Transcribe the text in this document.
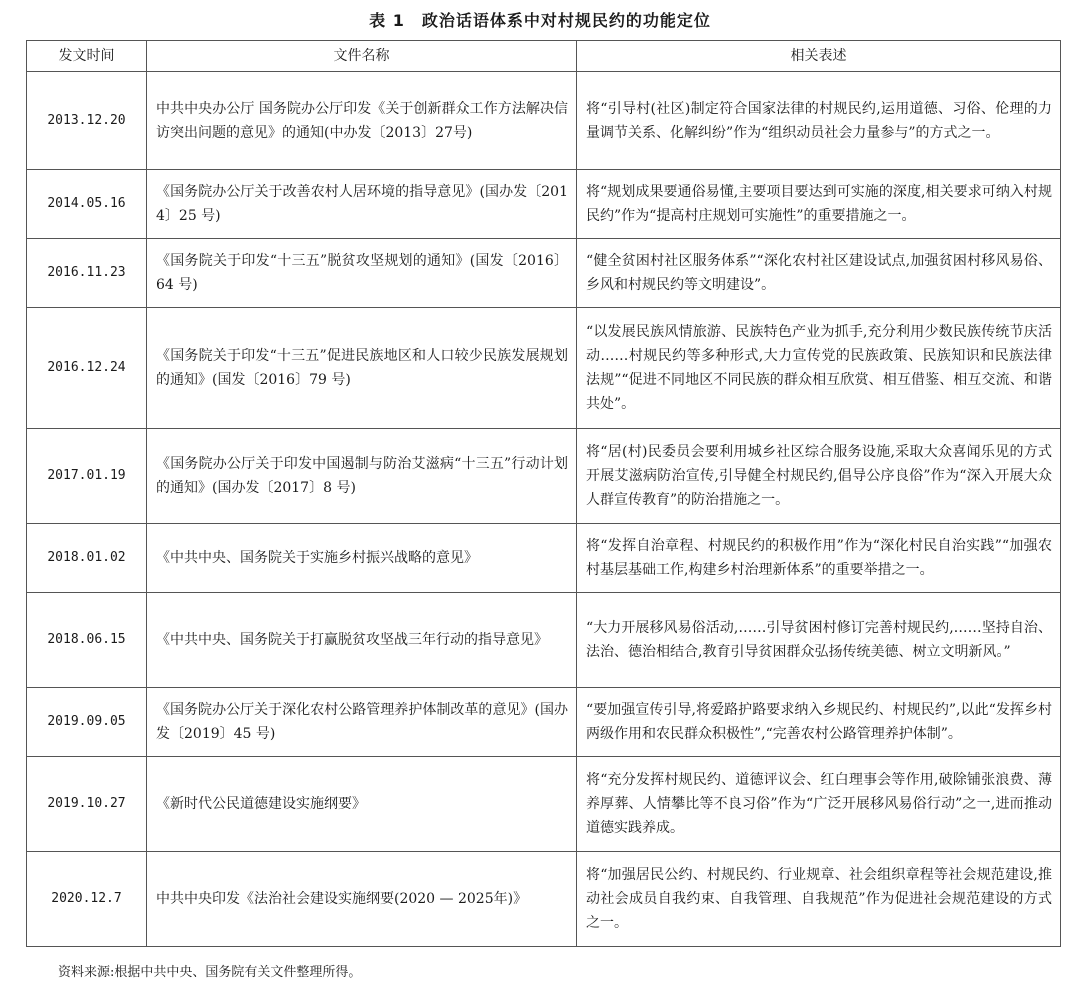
表 1　政治话语体系中对村规民约的功能定位
发文时间	文件名称	相关表述
2013.12.20	中共中央办公厅 国务院办公厅印发《关于创新群众工作方法解决信访突出问题的意见》的通知(中办发〔2013〕27号)	将“引导村(社区)制定符合国家法律的村规民约,运用道德、习俗、伦理的力量调节关系、化解纠纷”作为“组织动员社会力量参与”的方式之一。
2014.05.16	《国务院办公厅关于改善农村人居环境的指导意见》(国办发〔2014〕25 号)	将“规划成果要通俗易懂,主要项目要达到可实施的深度,相关要求可纳入村规民约”作为“提高村庄规划可实施性”的重要措施之一。
2016.11.23	《国务院关于印发“十三五”脱贫攻坚规划的通知》(国发〔2016〕64 号)	“健全贫困村社区服务体系”“深化农村社区建设试点,加强贫困村移风易俗、乡风和村规民约等文明建设”。
2016.12.24	《国务院关于印发“十三五”促进民族地区和人口较少民族发展规划的通知》(国发〔2016〕79 号)	“以发展民族风情旅游、民族特色产业为抓手,充分利用少数民族传统节庆活动……村规民约等多种形式,大力宣传党的民族政策、民族知识和民族法律法规”“促进不同地区不同民族的群众相互欣赏、相互借鉴、相互交流、和谐共处”。
2017.01.19	《国务院办公厅关于印发中国遏制与防治艾滋病“十三五”行动计划的通知》(国办发〔2017〕8 号)	将“居(村)民委员会要利用城乡社区综合服务设施,采取大众喜闻乐见的方式开展艾滋病防治宣传,引导健全村规民约,倡导公序良俗”作为“深入开展大众人群宣传教育”的防治措施之一。
2018.01.02	《中共中央、国务院关于实施乡村振兴战略的意见》	将“发挥自治章程、村规民约的积极作用”作为“深化村民自治实践”“加强农村基层基础工作,构建乡村治理新体系”的重要举措之一。
2018.06.15	《中共中央、国务院关于打赢脱贫攻坚战三年行动的指导意见》	“大力开展移风易俗活动,……引导贫困村修订完善村规民约,……坚持自治、法治、德治相结合,教育引导贫困群众弘扬传统美德、树立文明新风。”
2019.09.05	《国务院办公厅关于深化农村公路管理养护体制改革的意见》(国办发〔2019〕45 号)	“要加强宣传引导,将爱路护路要求纳入乡规民约、村规民约”,以此“发挥乡村两级作用和农民群众积极性”,“完善农村公路管理养护体制”。
2019.10.27	《新时代公民道德建设实施纲要》	将“充分发挥村规民约、道德评议会、红白理事会等作用,破除铺张浪费、薄养厚葬、人情攀比等不良习俗”作为“广泛开展移风易俗行动”之一,进而推动道德实践养成。
2020.12.7	中共中央印发《法治社会建设实施纲要(2020 — 2025年)》	将“加强居民公约、村规民约、行业规章、社会组织章程等社会规范建设,推动社会成员自我约束、自我管理、自我规范”作为促进社会规范建设的方式之一。
资料来源:根据中共中央、国务院有关文件整理所得。
